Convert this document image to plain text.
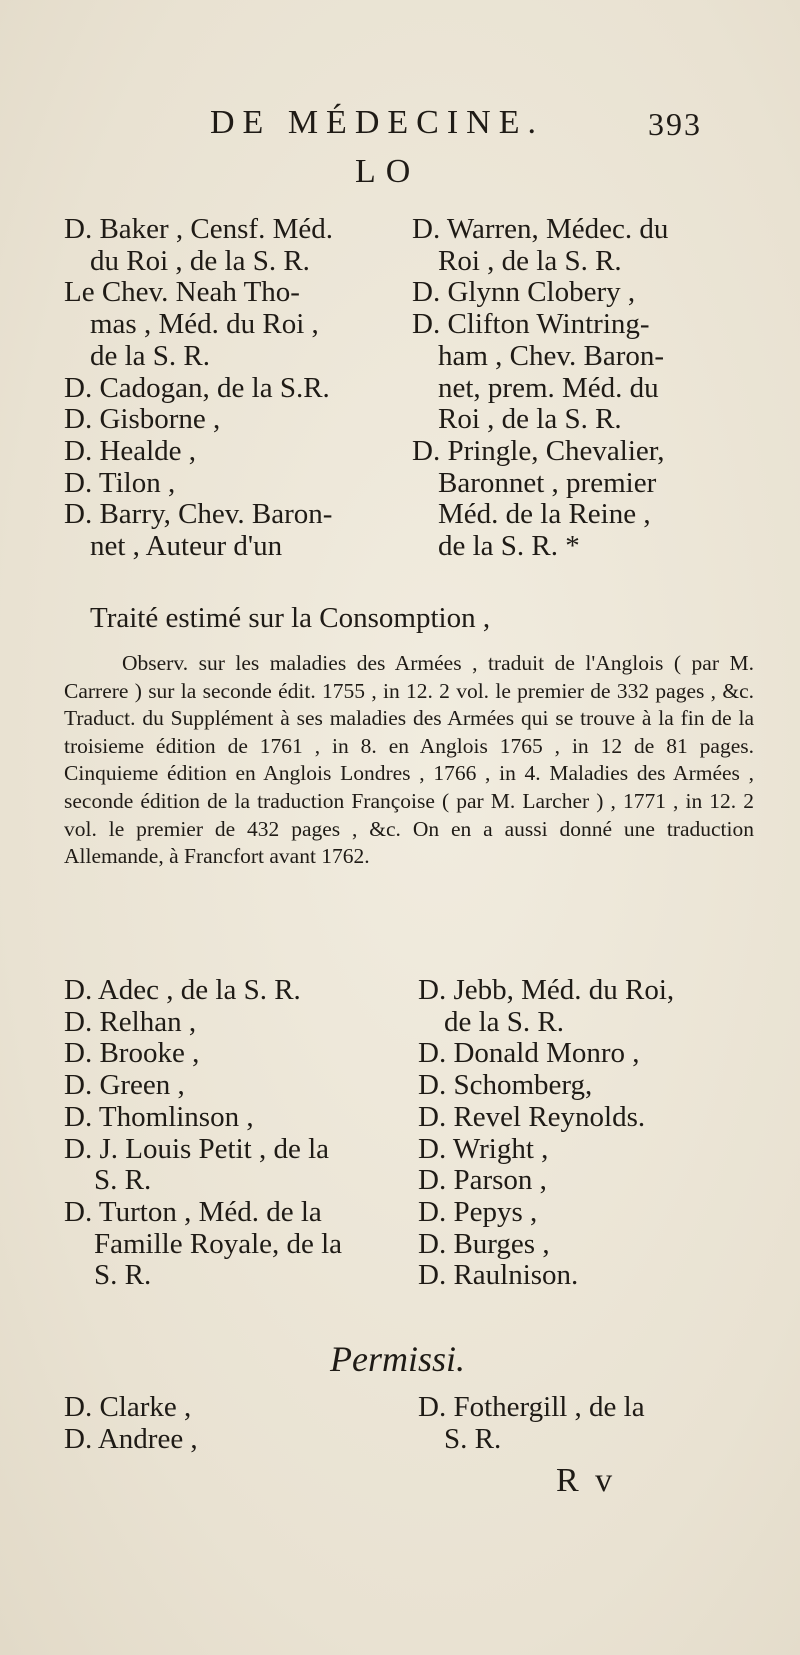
DE MÉDECINE.	393
LO
D. Baker , Censf. Méd.
du Roi , de la S. R.
Le Chev. Neah Tho-
mas , Méd. du Roi ,
de la S. R.
D. Cadogan, de la S.R.
D. Gisborne ,
D. Healde ,
D. Tilon ,
D. Barry, Chev. Baron-
net , Auteur d'un
D. Warren, Médec. du
Roi , de la S. R.
D. Glynn Clobery ,
D. Clifton Wintring-
ham , Chev. Baron-
net, prem. Méd. du
Roi , de la S. R.
D. Pringle, Chevalier,
Baronnet , premier
Méd. de la Reine ,
de la S. R. *
Traité estimé sur la Consomption ,
Observ. sur les maladies des Armées , traduit de l'Anglois ( par M. Carrere ) sur la seconde édit. 1755 , in 12. 2 vol. le premier de 332 pages , &c. Traduct. du Supplément à ses maladies des Armées qui se trouve à la fin de la troisieme édition de 1761 , in 8. en Anglois 1765 , in 12 de 81 pages. Cinquieme édition en Anglois Londres , 1766 , in 4. Maladies des Armées , seconde édition de la traduction Françoise ( par M. Larcher ) , 1771 , in 12. 2 vol. le premier de 432 pages , &c. On en a aussi donné une traduction Allemande, à Francfort avant 1762.
D. Adec , de la S. R.
D. Relhan ,
D. Brooke ,
D. Green ,
D. Thomlinson ,
D. J. Louis Petit , de la
S. R.
D. Turton , Méd. de la
Famille Royale, de la
S. R.
D. Jebb, Méd. du Roi,
de la S. R.
D. Donald Monro ,
D. Schomberg,
D. Revel Reynolds.
D. Wright ,
D. Parson ,
D. Pepys ,
D. Burges ,
D. Raulnison.
Permissi.
D. Clarke ,
D. Andree ,
D. Fothergill , de la
S. R.
R v
